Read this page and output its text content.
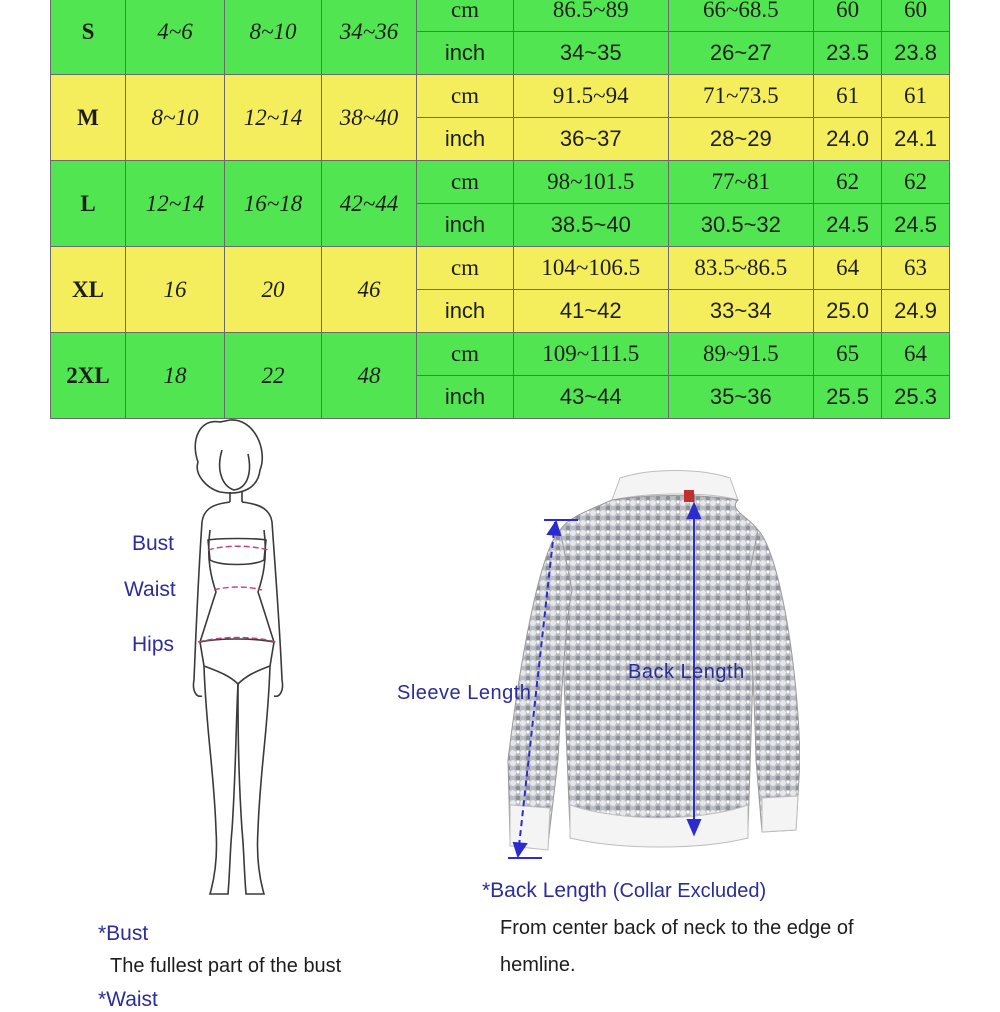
S	4~6	8~10	34~36	cm	86.5~89	66~68.5	60	60
				inch	34~35	26~27	23.5	23.8
M	8~10	12~14	38~40	cm	91.5~94	71~73.5	61	61
				inch	36~37	28~29	24.0	24.1
L	12~14	16~18	42~44	cm	98~101.5	77~81	62	62
				inch	38.5~40	30.5~32	24.5	24.5
XL	16	20	46	cm	104~106.5	83.5~86.5	64	63
				inch	41~42	33~34	25.0	24.9
2XL	18	22	48	cm	109~111.5	89~91.5	65	64
				inch	43~44	35~36	25.5	25.3
Bust
Waist
Hips
Sleeve Length
Back Length
*Back Length (Collar Excluded)
From center back of neck to the edge of
hemline.
*Bust
The fullest part of the bust
*Waist
